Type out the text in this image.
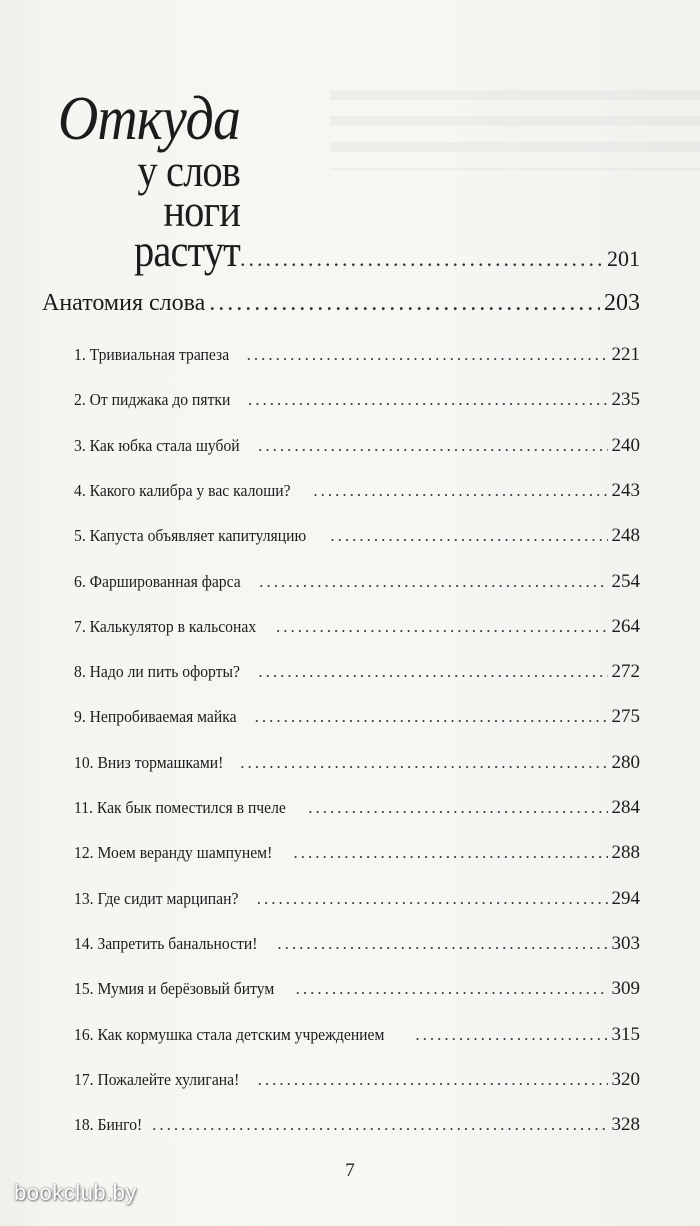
Откуда
у слов
ноги
растут .....	201
Анатомия слова .....	203
1. Тривиальная трапеза .....	221
2. От пиджака до пятки .....	235
3. Как юбка стала шубой .....	240
4. Какого калибра у вас калоши? .....	243
5. Капуста объявляет капитуляцию .....	248
6. Фаршированная фарса .....	254
7. Калькулятор в кальсонах .....	264
8. Надо ли пить офорты? .....	272
9. Непробиваемая майка .....	275
10. Вниз тормашками! .....	280
11. Как бык поместился в пчеле .....	284
12. Моем веранду шампунем! .....	288
13. Где сидит марципан? .....	294
14. Запретить банальности! .....	303
15. Мумия и берёзовый битум .....	309
16. Как кормушка стала детским учреждением .....	315
17. Пожалейте хулигана! .....	320
18. Бинго! .....	328
7
bookclub.by
